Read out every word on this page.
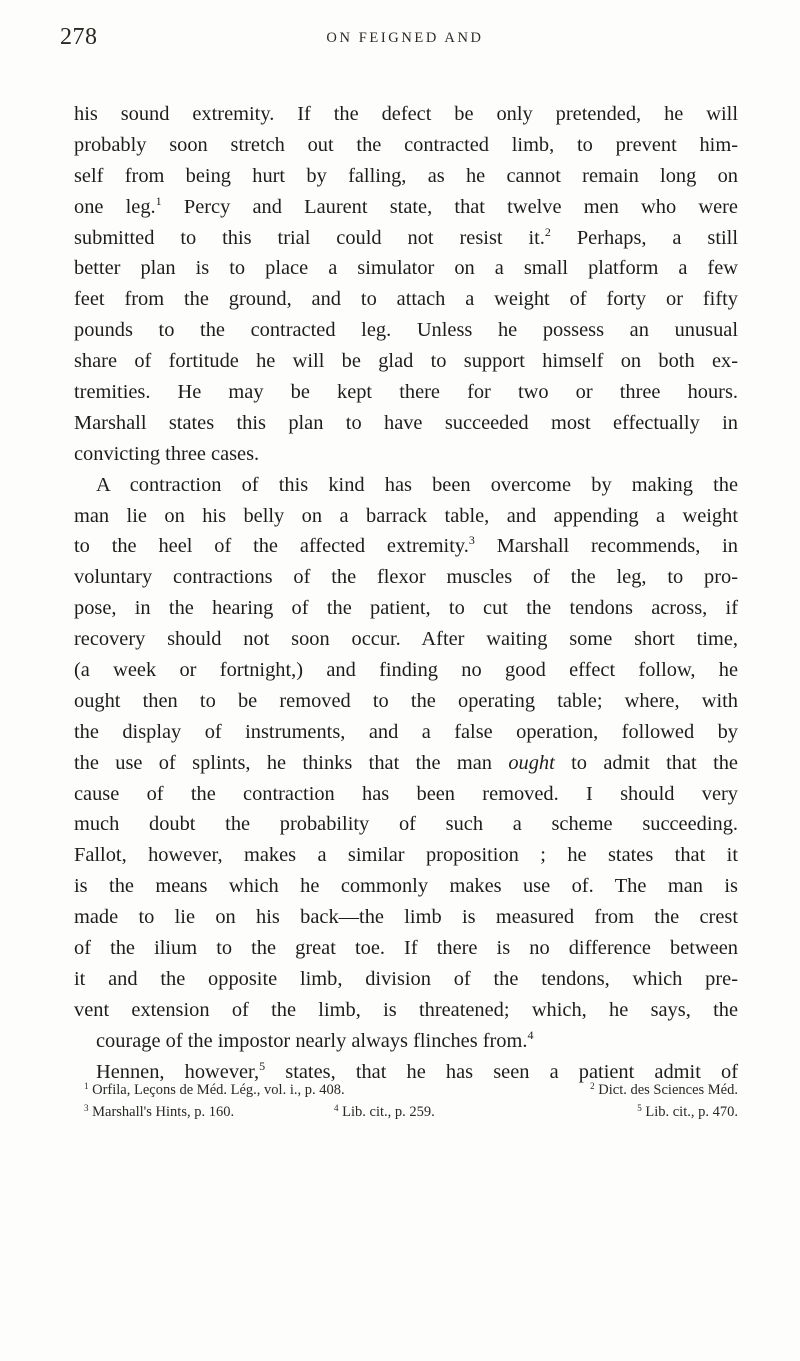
278	ON FEIGNED AND
his sound extremity. If the defect be only pretended, he will
probably soon stretch out the contracted limb, to prevent him-
self from being hurt by falling, as he cannot remain long on
one leg.$^1$ Percy and Laurent state, that twelve men who were
submitted to this trial could not resist it.$^2$ Perhaps, a still
better plan is to place a simulator on a small platform a few
feet from the ground, and to attach a weight of forty or fifty
pounds to the contracted leg. Unless he possess an unusual
share of fortitude he will be glad to support himself on both ex-
tremities. He may be kept there for two or three hours.
Marshall states this plan to have succeeded most effectually in
convicting three cases.
A contraction of this kind has been overcome by making the
man lie on his belly on a barrack table, and appending a weight
to the heel of the affected extremity.$^3$ Marshall recommends, in
voluntary contractions of the flexor muscles of the leg, to pro-
pose, in the hearing of the patient, to cut the tendons across, if
recovery should not soon occur. After waiting some short time,
(a week or fortnight,) and finding no good effect follow, he
ought then to be removed to the operating table; where, with
the display of instruments, and a false operation, followed by
the use of splints, he thinks that the man ought to admit that the
cause of the contraction has been removed. I should very
much doubt the probability of such a scheme succeeding.
Fallot, however, makes a similar proposition ; he states that it
is the means which he commonly makes use of. The man is
made to lie on his back—the limb is measured from the crest
of the ilium to the great toe. If there is no difference between
it and the opposite limb, division of the tendons, which pre-
vent extension of the limb, is threatened; which, he says, the
courage of the impostor nearly always flinches from.$^4$
Hennen, however,$^5$ states, that he has seen a patient admit of
$^1$ Orfila, Leçons de Méd. Lég., vol. i., p. 408.	$^2$ Dict. des Sciences Méd.
$^3$ Marshall's Hints, p. 160.	$^4$ Lib. cit., p. 259.	$^5$ Lib. cit., p. 470.
